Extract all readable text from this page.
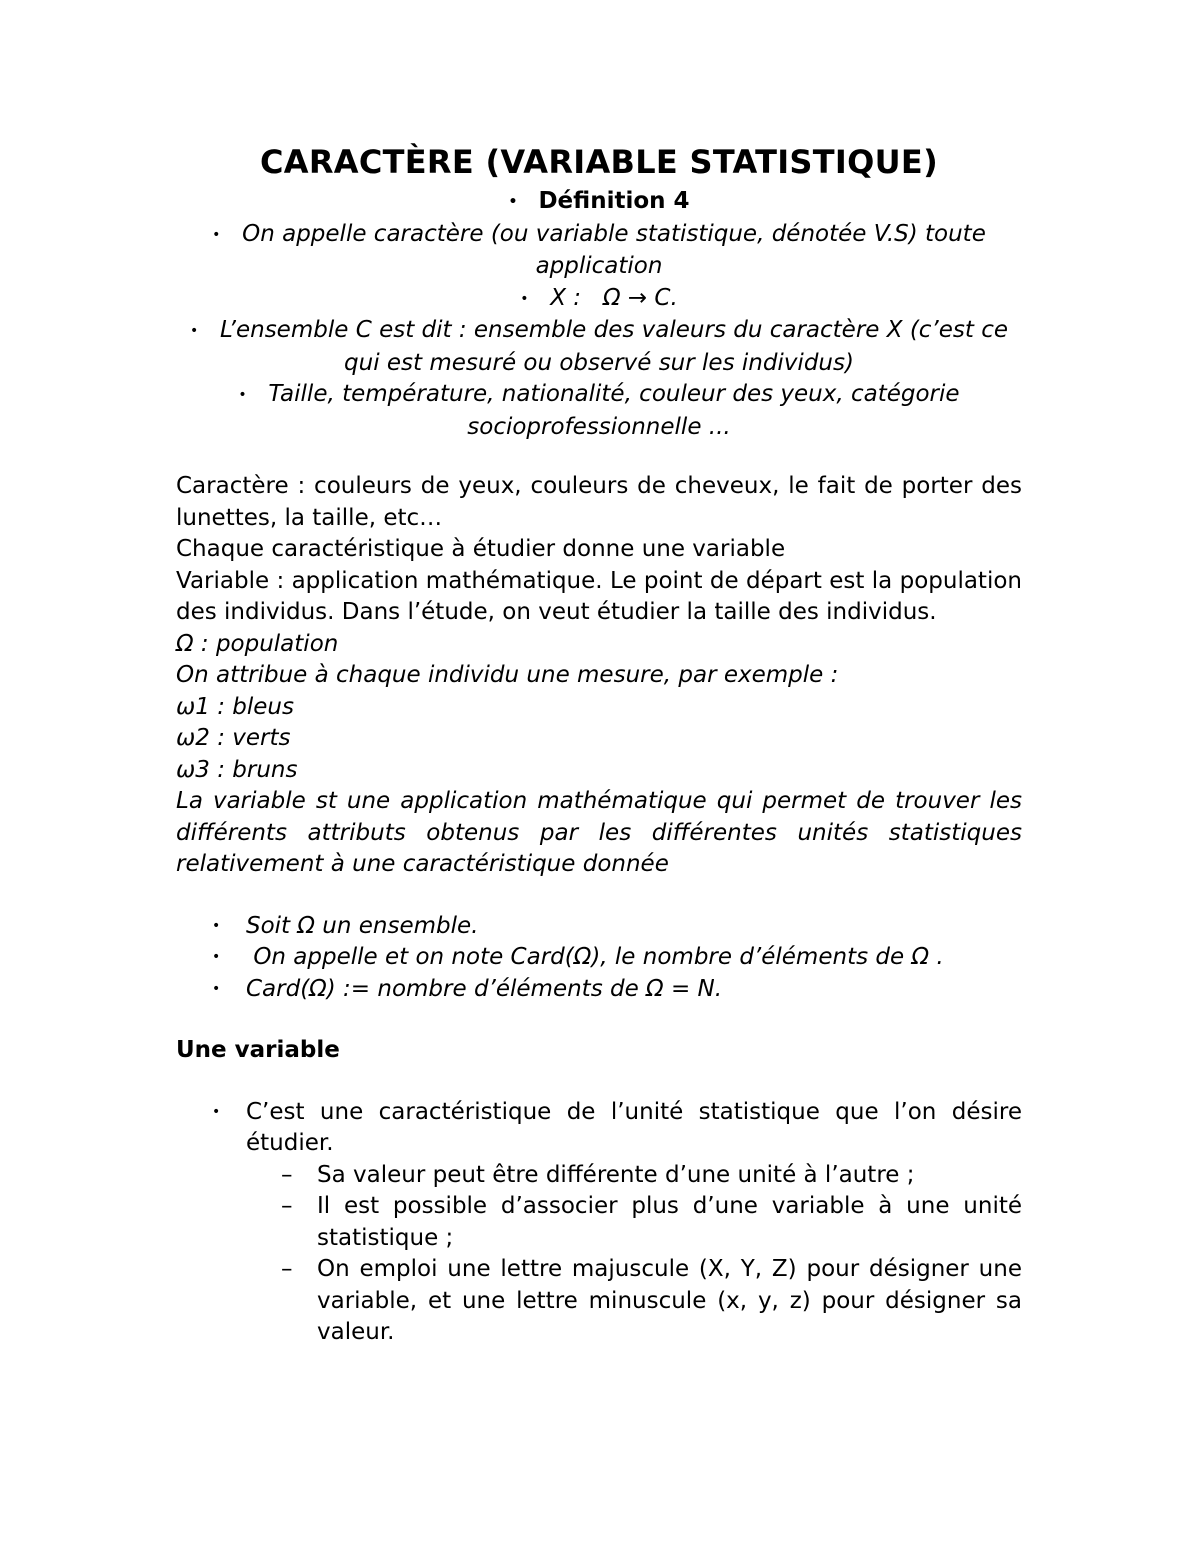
CARACTÈRE (VARIABLE STATISTIQUE)
• Définition 4
• On appelle caractère (ou variable statistique, dénotée V.S) toute application
• X :   Ω → C.
• L’ensemble C est dit : ensemble des valeurs du caractère X (c’est ce qui est mesuré ou observé sur les individus)
• Taille, température, nationalité, couleur des yeux, catégorie socioprofessionnelle ...

Caractère : couleurs de yeux, couleurs de cheveux, le fait de porter des lunettes, la taille, etc…

Chaque caractéristique à étudier donne une variable

Variable : application mathématique. Le point de départ est la population des individus. Dans l’étude, on veut étudier la taille des individus.

Ω : population

On attribue à chaque individu une mesure, par exemple :

ω1 : bleus

ω2 : verts

ω3 : bruns

La variable st une application mathématique qui permet de trouver les différents attributs obtenus par les différentes unités statistiques relativement à une caractéristique donnée

• Soit Ω un ensemble.
• On appelle et on note Card(Ω), le nombre d’éléments de Ω .
• Card(Ω) := nombre d’éléments de Ω = N.

Une variable

• C’est une caractéristique de l’unité statistique que l’on désire étudier.
– Sa valeur peut être différente d’une unité à l’autre ;
– Il est possible d’associer plus d’une variable à une unité statistique ;
– On emploi une lettre majuscule (X, Y, Z) pour désigner une variable, et une lettre minuscule (x, y, z) pour désigner sa valeur.
